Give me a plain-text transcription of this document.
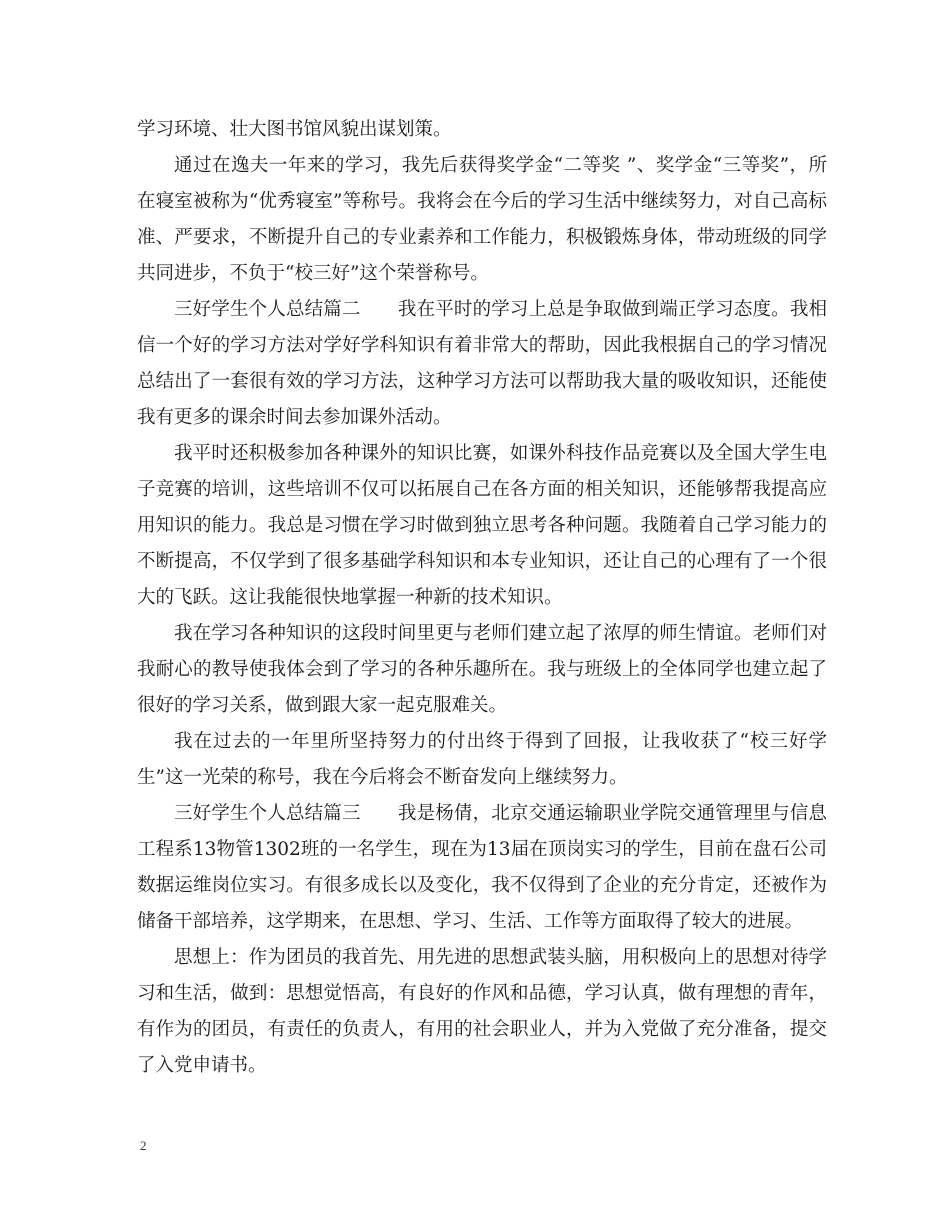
学习环境、壮大图书馆风貌出谋划策。

通过在逸夫一年来的学习，我先后获得奖学金“二等奖 ”、奖学金“三等奖”，所在寝室被称为“优秀寝室”等称号。我将会在今后的学习生活中继续努力，对自己高标准、严要求，不断提升自己的专业素养和工作能力，积极锻炼身体，带动班级的同学共同进步，不负于“校三好”这个荣誉称号。

三好学生个人总结篇二　　我在平时的学习上总是争取做到端正学习态度。我相信一个好的学习方法对学好学科知识有着非常大的帮助，因此我根据自己的学习情况总结出了一套很有效的学习方法，这种学习方法可以帮助我大量的吸收知识，还能使我有更多的课余时间去参加课外活动。

我平时还积极参加各种课外的知识比赛，如课外科技作品竞赛以及全国大学生电子竞赛的培训，这些培训不仅可以拓展自己在各方面的相关知识，还能够帮我提高应用知识的能力。我总是习惯在学习时做到独立思考各种问题。我随着自己学习能力的不断提高，不仅学到了很多基础学科知识和本专业知识，还让自己的心理有了一个很大的飞跃。这让我能很快地掌握一种新的技术知识。

我在学习各种知识的这段时间里更与老师们建立起了浓厚的师生情谊。老师们对我耐心的教导使我体会到了学习的各种乐趣所在。我与班级上的全体同学也建立起了很好的学习关系，做到跟大家一起克服难关。

我在过去的一年里所坚持努力的付出终于得到了回报，让我收获了“校三好学生”这一光荣的称号，我在今后将会不断奋发向上继续努力。

三好学生个人总结篇三　　我是杨倩，北京交通运输职业学院交通管理里与信息工程系13物管1302班的一名学生，现在为13届在顶岗实习的学生，目前在盘石公司数据运维岗位实习。有很多成长以及变化，我不仅得到了企业的充分肯定，还被作为储备干部培养，这学期来，在思想、学习、生活、工作等方面取得了较大的进展。

思想上：作为团员的我首先、用先进的思想武装头脑，用积极向上的思想对待学习和生活，做到：思想觉悟高，有良好的作风和品德，学习认真，做有理想的青年，有作为的团员，有责任的负责人，有用的社会职业人，并为入党做了充分准备，提交了入党申请书。

2
